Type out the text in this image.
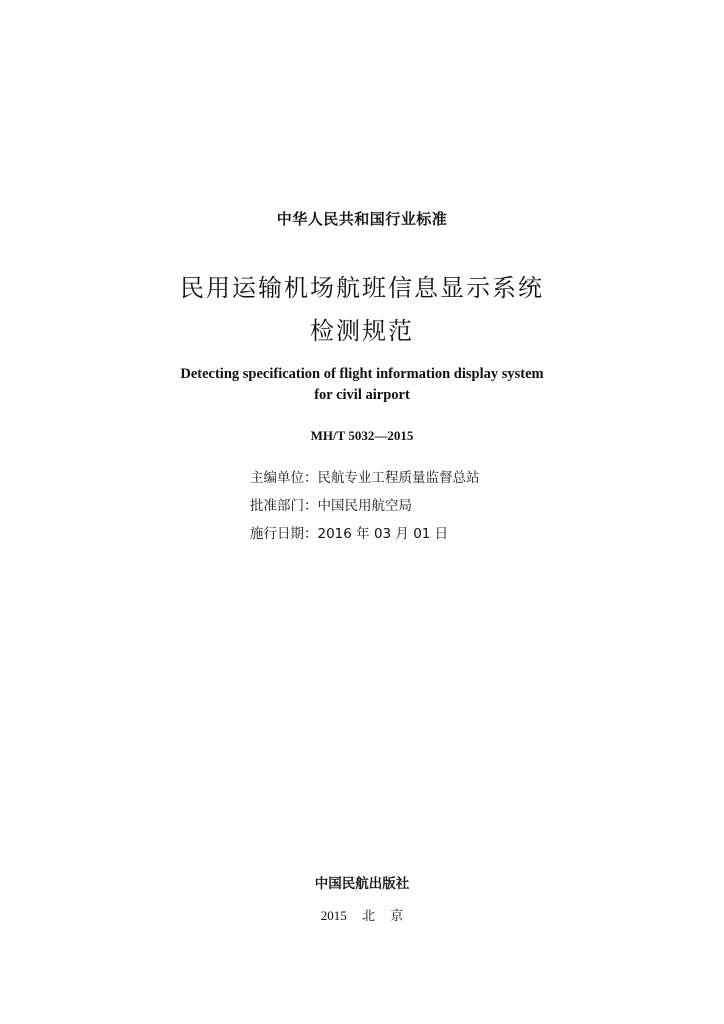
中华人民共和国行业标准
民用运输机场航班信息显示系统
检测规范
Detecting specification of flight information display system
for civil airport
MH/T 5032—2015
主编单位：民航专业工程质量监督总站
批准部门：中国民用航空局
施行日期：2016 年 03 月 01 日
中国民航出版社
2015 北 京
